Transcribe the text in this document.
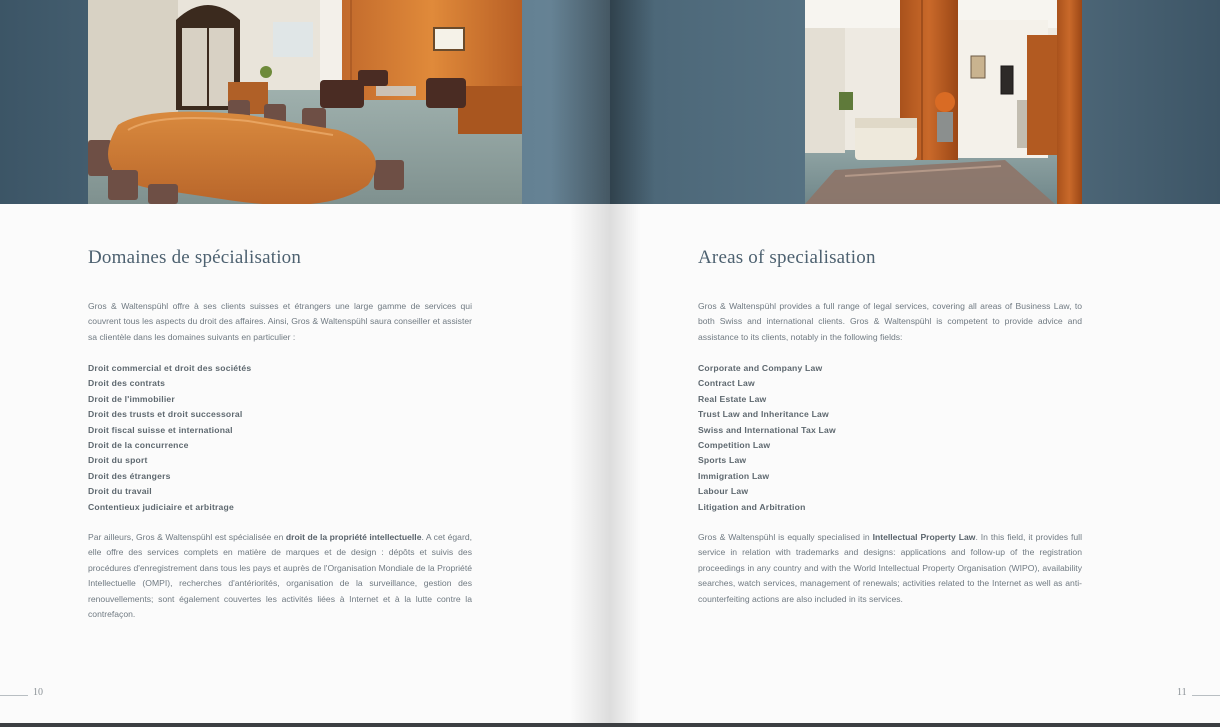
Domaines de spécialisation

Gros & Waltenspühl offre à ses clients suisses et étrangers une large gamme de services qui couvrent tous les aspects du droit des affaires. Ainsi, Gros & Waltenspühl saura conseiller et assister sa clientèle dans les domaines suivants en particulier :

Droit commercial et droit des sociétés
Droit des contrats
Droit de l'immobilier
Droit des trusts et droit successoral
Droit fiscal suisse et international
Droit de la concurrence
Droit du sport
Droit des étrangers
Droit du travail
Contentieux judiciaire et arbitrage

Par ailleurs, Gros & Waltenspühl est spécialisée en droit de la propriété intellectuelle. A cet égard, elle offre des services complets en matière de marques et de design : dépôts et suivis des procédures d'enregistrement dans tous les pays et auprès de l'Organisation Mondiale de la Propriété Intellectuelle (OMPI), recherches d'antériorités, organisation de la surveillance, gestion des renouvellements; sont également couvertes les activités liées à Internet et à la lutte contre la contrefaçon.

10
Areas of specialisation

Gros & Waltenspühl provides a full range of legal services, covering all areas of Business Law, to both Swiss and international clients. Gros & Waltenspühl is competent to provide advice and assistance to its clients, notably in the following fields:

Corporate and Company Law
Contract Law
Real Estate Law
Trust Law and Inheritance Law
Swiss and International Tax Law
Competition Law
Sports Law
Immigration Law
Labour Law
Litigation and Arbitration

Gros & Waltenspühl is equally specialised in Intellectual Property Law. In this field, it provides full service in relation with trademarks and designs: applications and follow-up of the registration proceedings in any country and with the World Intellectual Property Organisation (WIPO), availability searches, watch services, management of renewals; activities related to the Internet as well as anti-counterfeiting actions are also included in its services.

11
